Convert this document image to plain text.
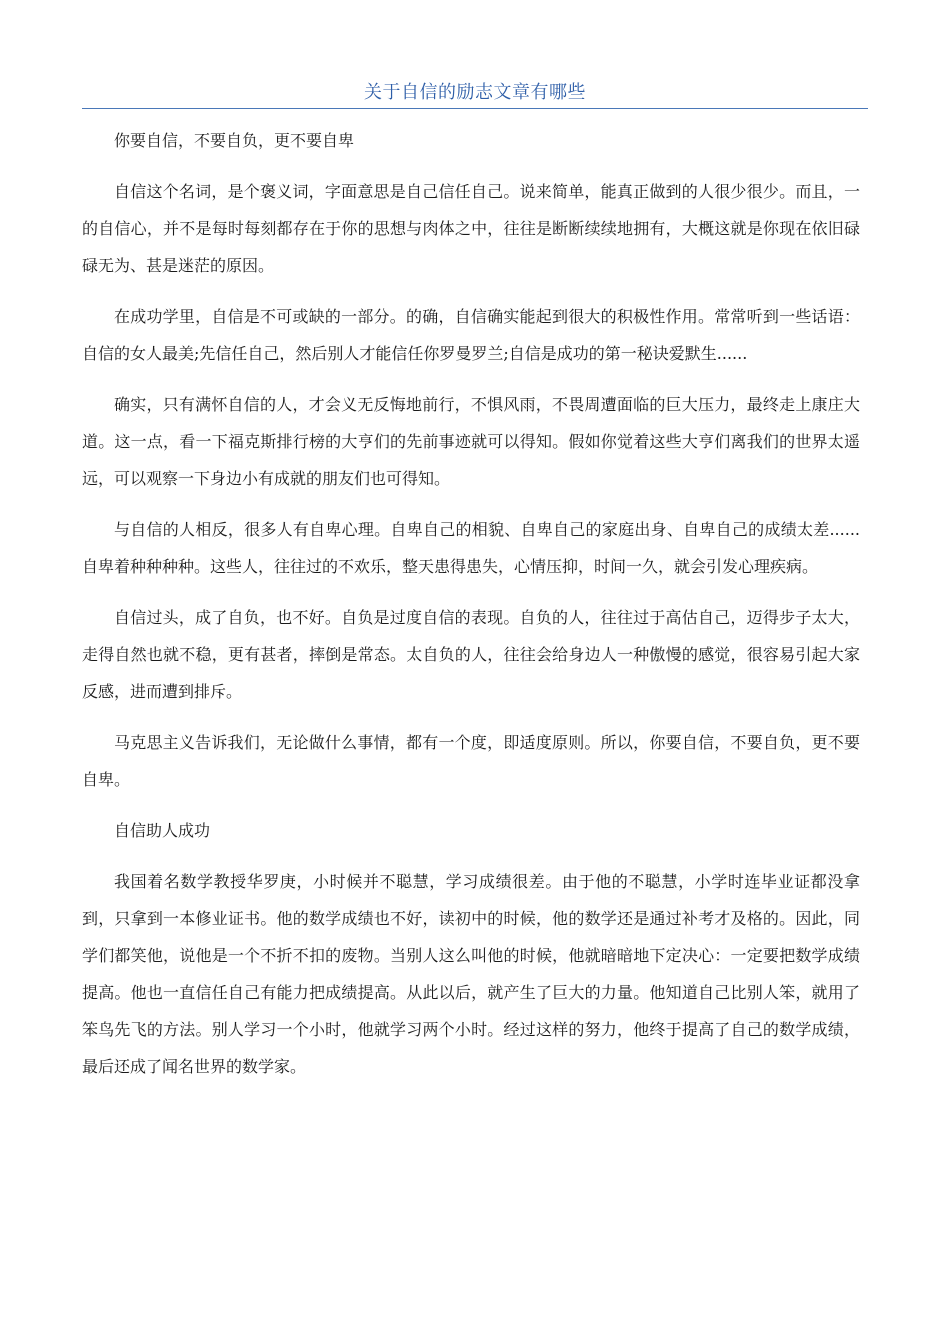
关于自信的励志文章有哪些

你要自信，不要自负，更不要自卑

自信这个名词，是个褒义词，字面意思是自己信任自己。说来简单，能真正做到的人很少很少。而且，一的自信心，并不是每时每刻都存在于你的思想与肉体之中，往往是断断续续地拥有，大概这就是你现在依旧碌碌无为、甚是迷茫的原因。

在成功学里，自信是不可或缺的一部分。的确，自信确实能起到很大的积极性作用。常常听到一些话语：自信的女人最美;先信任自己，然后别人才能信任你罗曼罗兰;自信是成功的第一秘诀爱默生......

确实，只有满怀自信的人，才会义无反悔地前行，不惧风雨，不畏周遭面临的巨大压力，最终走上康庄大道。这一点，看一下福克斯排行榜的大亨们的先前事迹就可以得知。假如你觉着这些大亨们离我们的世界太遥远，可以观察一下身边小有成就的朋友们也可得知。

与自信的人相反，很多人有自卑心理。自卑自己的相貌、自卑自己的家庭出身、自卑自己的成绩太差......自卑着种种种种。这些人，往往过的不欢乐，整天患得患失，心情压抑，时间一久，就会引发心理疾病。

自信过头，成了自负，也不好。自负是过度自信的表现。自负的人，往往过于高估自己，迈得步子太大，走得自然也就不稳，更有甚者，摔倒是常态。太自负的人，往往会给身边人一种傲慢的感觉，很容易引起大家反感，进而遭到排斥。

马克思主义告诉我们，无论做什么事情，都有一个度，即适度原则。所以，你要自信，不要自负，更不要自卑。

自信助人成功

我国着名数学教授华罗庚，小时候并不聪慧，学习成绩很差。由于他的不聪慧，小学时连毕业证都没拿到，只拿到一本修业证书。他的数学成绩也不好，读初中的时候，他的数学还是通过补考才及格的。因此，同学们都笑他，说他是一个不折不扣的废物。当别人这么叫他的时候，他就暗暗地下定决心：一定要把数学成绩提高。他也一直信任自己有能力把成绩提高。从此以后，就产生了巨大的力量。他知道自己比别人笨，就用了笨鸟先飞的方法。别人学习一个小时，他就学习两个小时。经过这样的努力，他终于提高了自己的数学成绩，最后还成了闻名世界的数学家。
